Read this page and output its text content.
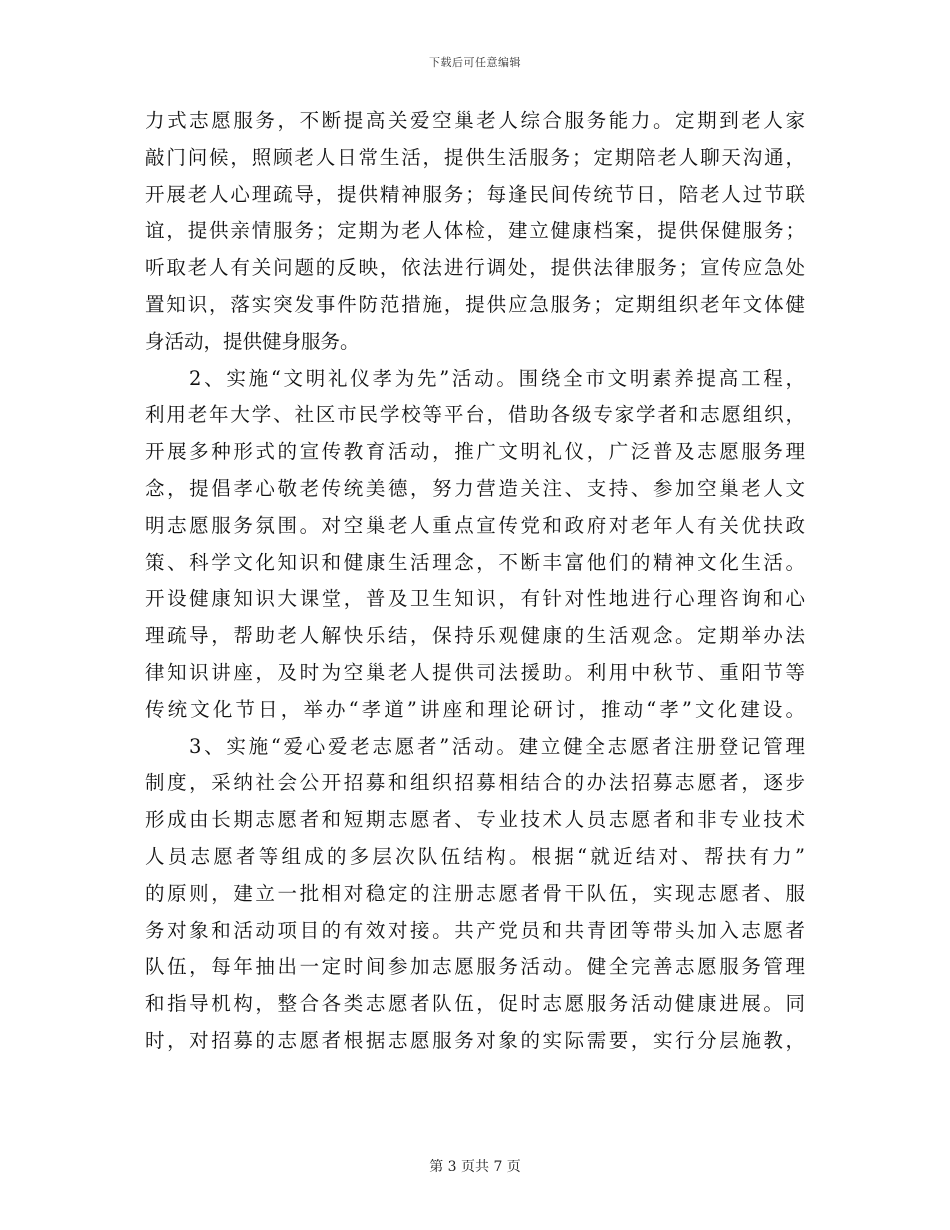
下载后可任意编辑
力式志愿服务，不断提高关爱空巢老人综合服务能力。定期到老人家
敲门问候，照顾老人日常生活，提供生活服务；定期陪老人聊天沟通，
开展老人心理疏导，提供精神服务；每逢民间传统节日，陪老人过节联
谊，提供亲情服务；定期为老人体检，建立健康档案，提供保健服务；
听取老人有关问题的反映，依法进行调处，提供法律服务；宣传应急处
置知识，落实突发事件防范措施，提供应急服务；定期组织老年文体健
身活动，提供健身服务。
2、实施“文明礼仪孝为先”活动。围绕全市文明素养提高工程，
利用老年大学、社区市民学校等平台，借助各级专家学者和志愿组织，
开展多种形式的宣传教育活动，推广文明礼仪，广泛普及志愿服务理
念，提倡孝心敬老传统美德，努力营造关注、支持、参加空巢老人文
明志愿服务氛围。对空巢老人重点宣传党和政府对老年人有关优扶政
策、科学文化知识和健康生活理念，不断丰富他们的精神文化生活。
开设健康知识大课堂，普及卫生知识，有针对性地进行心理咨询和心
理疏导，帮助老人解快乐结，保持乐观健康的生活观念。定期举办法
律知识讲座，及时为空巢老人提供司法援助。利用中秋节、重阳节等
传统文化节日，举办“孝道”讲座和理论研讨，推动“孝”文化建设。
3、实施“爱心爱老志愿者”活动。建立健全志愿者注册登记管理
制度，采纳社会公开招募和组织招募相结合的办法招募志愿者，逐步
形成由长期志愿者和短期志愿者、专业技术人员志愿者和非专业技术
人员志愿者等组成的多层次队伍结构。根据“就近结对、帮扶有力”
的原则，建立一批相对稳定的注册志愿者骨干队伍，实现志愿者、服
务对象和活动项目的有效对接。共产党员和共青团等带头加入志愿者
队伍，每年抽出一定时间参加志愿服务活动。健全完善志愿服务管理
和指导机构，整合各类志愿者队伍，促时志愿服务活动健康进展。同
时，对招募的志愿者根据志愿服务对象的实际需要，实行分层施教，
第 3 页共 7 页
